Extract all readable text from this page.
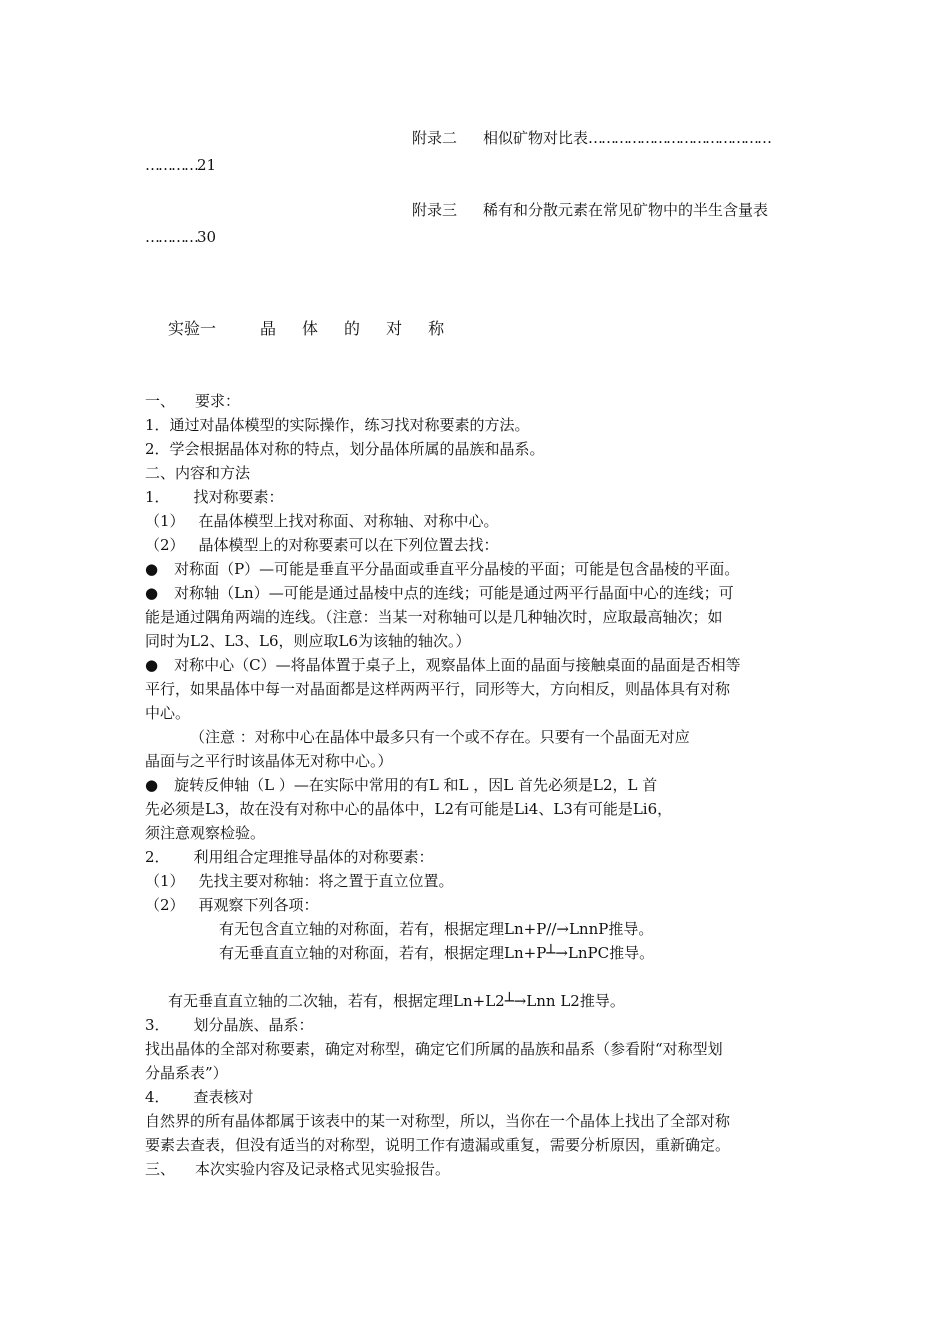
附录二 相似矿物对比表……………………………………
…………21
附录三 稀有和分散元素在常见矿物中的半生含量表
…………30
实验一	晶 体 的 对 称
一、 要求：
1．通过对晶体模型的实际操作，练习找对称要素的方法。
2．学会根据晶体对称的特点，划分晶体所属的晶族和晶系。
二、内容和方法
1． 找对称要素：
（1） 在晶体模型上找对称面、对称轴、对称中心。
（2） 晶体模型上的对称要素可以在下列位置去找：
● 对称面（P）—可能是垂直平分晶面或垂直平分晶棱的平面；可能是包含晶棱的平面。
● 对称轴（Ln）—可能是通过晶棱中点的连线；可能是通过两平行晶面中心的连线；可
能是通过隅角两端的连线。（注意：当某一对称轴可以是几种轴次时，应取最高轴次；如
同时为L2、L3、L6，则应取L6为该轴的轴次。）
● 对称中心（C）—将晶体置于桌子上，观察晶体上面的晶面与接触桌面的晶面是否相等
平行，如果晶体中每一对晶面都是这样两两平行，同形等大，方向相反，则晶体具有对称
中心。
（注意 ：对称中心在晶体中最多只有一个或不存在。只要有一个晶面无对应
晶面与之平行时该晶体无对称中心。）
● 旋转反伸轴（L ）—在实际中常用的有L 和L ，因L 首先必须是L2，L 首
先必须是L3，故在没有对称中心的晶体中，L2有可能是Li4、L3有可能是Li6，
须注意观察检验。
2． 利用组合定理推导晶体的对称要素：
（1） 先找主要对称轴：将之置于直立位置。
（2） 再观察下列各项：
有无包含直立轴的对称面，若有，根据定理Ln+P//→LnnP推导。
有无垂直直立轴的对称面，若有，根据定理Ln+P┴→LnPC推导。
有无垂直直立轴的二次轴，若有，根据定理Ln+L2┴→Lnn L2推导。
3． 划分晶族、晶系：
找出晶体的全部对称要素，确定对称型，确定它们所属的晶族和晶系（参看附“对称型划
分晶系表”）
4． 查表核对
自然界的所有晶体都属于该表中的某一对称型，所以，当你在一个晶体上找出了全部对称
要素去查表，但没有适当的对称型，说明工作有遗漏或重复，需要分析原因，重新确定。
三、 本次实验内容及记录格式见实验报告。
